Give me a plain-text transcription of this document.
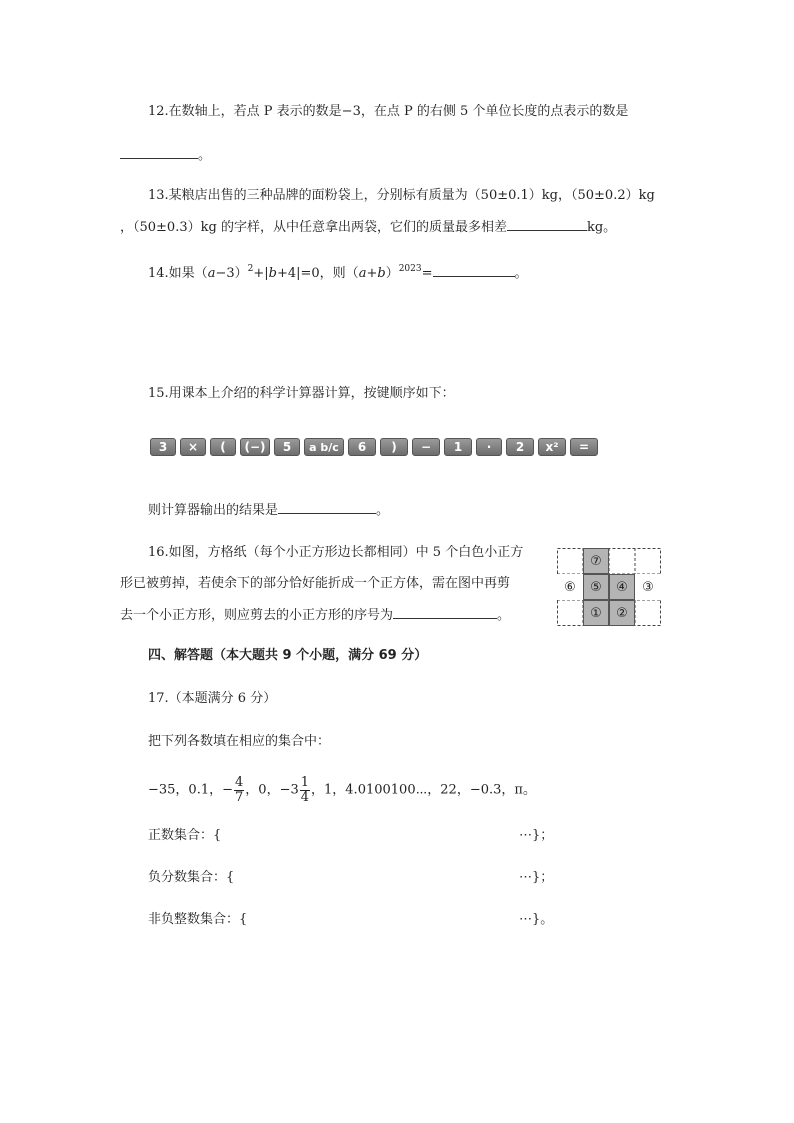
12.在数轴上，若点 P 表示的数是−3，在点 P 的右侧 5 个单位长度的点表示的数是
。
13.某粮店出售的三种品牌的面粉袋上，分别标有质量为（50±0.1）kg，（50±0.2）kg
，（50±0.3）kg 的字样，从中任意拿出两袋，它们的质量最多相差	kg。
14.如果$(a-3)^2+|b+4|=0$，则$(a+b)^{2023}=$	。
15.用课本上介绍的科学计算器计算，按键顺序如下：
3	×	(	(−)	5	a b/c	6	)	−	1	·	2	x²	=
则计算器输出的结果是	。
16.如图，方格纸（每个小正方形边长都相同）中 5 个白色小正方
形已被剪掉，若使余下的部分恰好能折成一个正方体，需在图中再剪
去一个小正方形，则应剪去的小正方形的序号为	。
⑦
⑥	⑤	④	③
①	②
四、解答题（本大题共 9 个小题，满分 69 分）
17.（本题满分 6 分）
把下列各数填在相应的集合中：
−35，0.1，− $\frac{4}{7}$ ，0，$-3 \frac{1}{4}$ ，1，4.0100100⋯，22，−0.3，π。
正数集合：{	⋯}；
负分数集合：{	⋯}；
非负整数集合：{	⋯}。
